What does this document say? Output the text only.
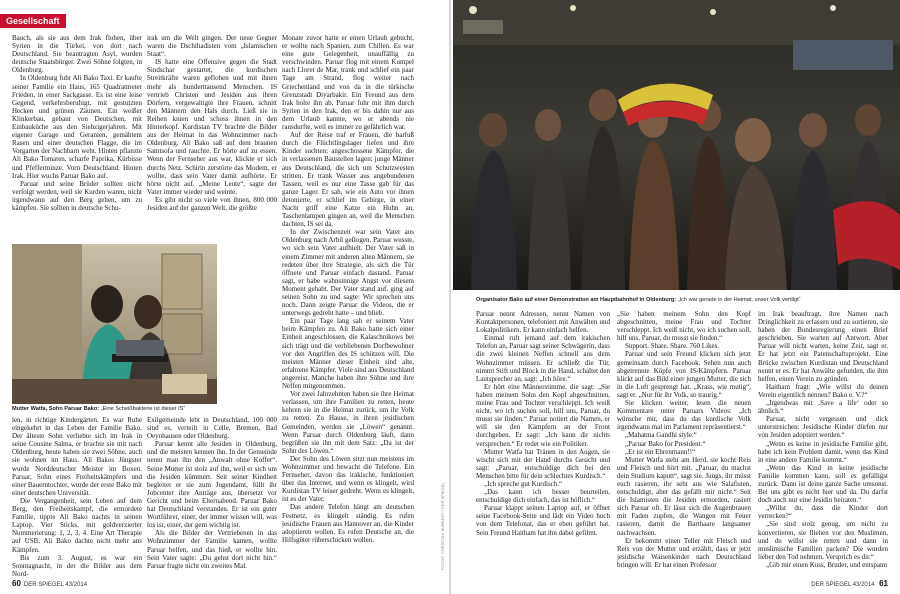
Gesellschaft

Bauch, als sie aus dem Irak flohen, über Syrien in die Türkei, von dort nach Deutschland. Sie beantragten Asyl, wurden deutsche Staatsbürger. Zwei Söhne folgten, in Oldenburg.

In Oldenburg fuhr Ali Bako Taxi. Er kaufte seiner Familie ein Haus, 165 Quadratmeter Frieden, in einer Sackgasse. Es ist eine leise Gegend, verkehrsberuhigt, mit gestutzten Hecken und grünen Zäunen. Ein weißer Klinkerbau, gebaut von Deutschen, mit Einbauküche aus den Siebzigerjahren. Mit eigener Garage und Geranien, gemähtem Rasen und einer deutschen Flagge, die im Vorgarten der Nachbarn weht. Hinten pflanzte Ali Bako Tomaten, scharfe Paprika, Kürbisse und Pfefferminze. Vorn Deutschland. Hinten Irak. Hier wuchs Paruar Bako auf.

Paruar und seine Brüder sollten nicht verfolgt werden, weil sie Kurden waren, nicht irgendwann auf den Berg gehen, um zu kämpfen. Sie sollten in deutsche Schu-

irak um die Welt gingen. Der neue Gegner waren die Dschihadisten vom „Islamischen Staat“.

IS hatte eine Offensive gegen die Stadt Sindschar gestartet, die kurdischen Streitkräfte waren geflohen und mit ihnen mehr als hunderttausend Menschen. IS vertrieb Christen und Jesiden aus ihren Dörfern, vergewaltigte ihre Frauen, schnitt den Männern den Hals durch. Ließ sie in Reihen knien und schoss ihnen in den Hinterkopf. Kurdistan TV brachte die Bilder aus der Heimat in das Wohnzimmer nach Oldenburg. Ali Bako saß auf dem braunen Samtsofa und rauchte. Er hörte auf zu essen. Wenn der Fernseher aus war, klickte er sich durchs Netz. Schirin zerstörte das Modem, er wollte, dass sein Vater damit aufhörte. Er hörte nicht auf. „Meine Leute“, sagte der Vater immer wieder und weinte.

Es gibt nicht so viele von ihnen, 800 000 Jesiden auf der ganzen Welt, die größte

Monate zuvor hatte er einen Urlaub gebucht, er wollte nach Spanien, zum Chillen. Es war eine gute Gelegenheit, unauffällig zu verschwinden. Paruar flog mit einem Kumpel nach Lloret de Mar, trank und schlief ein paar Tage am Strand, flog weiter nach Griechenland und von da in die türkische Grenzstadt Diyarbakir. Ein Freund aus dem Irak holte ihn ab, Paruar fuhr mit ihm durch Syrien in den Irak, den er bis dahin nur aus dem Urlaub kannte, wo er abends nie rausdurfte, weil es immer zu gefährlich war.

Auf der Reise traf er Frauen, die barfuß durch die Flüchtlingslager liefen und ihre Kinder suchten; angeschossene Kämpfer, die in verlassenen Baustellen lagen; junge Männer aus Deutschland, die sich um Schutzwesten stritten. Er trank Wasser aus angebundenen Tassen, weil es nur eine Tasse gab für das ganze Lager. Er sah, wie ein Auto vor ihnen detonierte, er schlief im Gebirge, in einer Nacht griff eine Katze ein Huhn an, Taschenlampen gingen an, weil die Menschen dachten, IS sei da.

In der Zwischenzeit war sein Vater aus Oldenburg nach Arbil geflogen. Paruar wusste, wo sich sein Vater aufhielt. Der Vater saß in einem Zimmer mit anderen alten Männern, sie redeten über ihre Strategie, als sich die Tür öffnete und Paruar einfach dastand. Paruar sagt, er habe wahnsinnige Angst vor diesem Moment gehabt. Der Vater stand auf, ging auf seinen Sohn zu und sagte: Wir sprechen uns noch. Dann zeigte Paruar die Videos, die er unterwegs gedreht hatte – und blieb.

Ein paar Tage lang sah er seinem Vater beim Kämpfen zu. Ali Bako hatte sich einer Einheit angeschlossen, die Kalaschnikows bei sich trägt und die verbliebenen Dorfbewohner vor den Angriffen des IS schützen will. Die meisten Männer dieser Einheit sind alte, erfahrene Kämpfer. Viele sind aus Deutschland angereist. Manche haben ihre Söhne und ihre Neffen mitgenommen.

Vor zwei Jahrzehnten haben sie ihre Heimat verlassen, um ihre Familien zu retten, heute kehren sie in die Heimat zurück, um ihr Volk zu retten. Zu Hause, in ihren jesidischen Gemeinden, werden sie „Löwen“ genannt. Wenn Paruar durch Oldenburg läuft, dann begrüßen sie ihn mit dem Satz: „Da ist der Sohn des Löwen.“

Der Sohn des Löwen sitzt nun meistens im Wohnzimmer und bewacht die Telefone. Ein Fernseher, davon das irakische, funktioniert über das Internet, und wenn es klingelt, wird Kurdistan TV leiser gedreht. Wenn es klingelt, ist es der Vater.

Das andere Telefon hängt am deutschen Festnetz, es klingelt ständig. Es rufen jesidische Frauen aus Hannover an, die Kinder adoptieren wollen. Es rufen Deutsche an, die Hilfsgüter rüberschicken wollen.

Mutter Watfa, Sohn Paruar Bako: „Eine Scheißbakterie ist dieser IS“

len, in richtige Kindergärten. Es war Ruhe eingekehrt in das Leben der Familie Bako. Der älteste Sohn verliebte sich im Irak in seine Cousine Salma, er brachte sie mit nach Oldenburg, heute haben sie zwei Söhne, auch sie wohnen im Haus. Ali Bakos Jüngster wurde Norddeutscher Meister im Boxen. Paruar, Sohn eines Freiheitskämpfers und einer Bauerntochter, wurde der erste Bako mit einer deutschen Universität.

Die Vergangenheit, sein Leben auf dem Berg, den Freiheitskampf, die ermordete Familie, tippte Ali Bako nachts in seinen Laptop. Vier Sticks, mit goldverzierter Nummerierung: 1, 2, 3, 4. Eine Art Therapie auf USB. Ali Bako dachte nicht mehr ans Kämpfen.

Bis zum 3. August, es war ein Sonntagnacht, in der die Bilder aus dem Nord-

Exilgemeinde lebt in Deutschland, 100 000 sind es, verteilt in Celle, Bremen, Bad Oeynhausen oder Oldenburg.

Paruar kennt alle Jesiden in Oldenburg, und die meisten kennen ihn. In der Gemeinde nennt man ihn den „Anwalt ohne Koffer“. Seine Mutter ist stolz auf ihn, weil er sich um die Jesiden kümmert. Seit seiner Kindheit begleitet er sie zum Jugendamt, füllt ihr Jobcenter ihre Anträge aus, übersetzt vor Gericht und beim Elternabend. Paruar Bako hat Deutschland verstanden. Er ist ein guter Wortführer, einer, der immer wissen will, was los ist, einer, der gern wichtig ist.

Als die Bilder der Vertriebenen in das Wohnzimmer der Familie kamen, wollte Paruar helfen, und das hieß, er wollte hin. Sein Vater sagte: „Du gehst dort nicht hin.“ Paruar fragte nicht ein zweites Mal.	FOTOS: CHRISTIAN BURKERT / DER SPIEGEL
60 DER SPIEGEL 43/2014
Organisator Bako auf einer Demonstration am Hauptbahnhof in Oldenburg: „Ich war gerade in der Heimat, unser Volk vertilgt“

Paruar nennt Adressen, nennt Namen von Kontaktpersonen, telefoniert mit Anwälten und Lokalpolitikern. Er kann einfach helfen.

Einmal ruft jemand auf dem irakischen Telefon an, Paruar sagt seiner Schwägerin, dass die zwei kleinen Neffen schnell aus dem Wohnzimmer müssen. Er schließt die Tür, nimmt Stift und Block in die Hand, schaltet den Lautsprecher an, sagt: „Ich höre.“

Er hört eine Männerstimme, die sagt: „Sie haben meinem Sohn den Kopf abgeschnitten, meine Frau und Tochter verschleppt. Ich weiß nicht, wo ich suchen soll, hilf uns, Paruar, du musst sie finden.“ Paruar notiert die Namen, er will sie den Kämpfern an der Front durchgeben. Er sagt: „Ich kann dir nichts versprechen.“ Er redet wie ein Politiker.

Mutter Watfa hat Tränen in den Augen, sie wischt sich mit der Hand durchs Gesicht und sagt: „Paruar, entschuldige dich bei den Menschen bitte für dein schlechtes Kurdisch.“

„Ich spreche gut Kurdisch.“

„Das kann ich besser beurteilen, entschuldige dich einfach, das ist höflich.“

Paruar klappt seinen Laptop auf, er öffnet seine Facebook-Seite und lädt ein Video hoch von dem Telefonat, das er eben geführt hat. Sein Freund Haitham hat ihn dabei gefilmt.

„Sie haben meinem Sohn den Kopf abgeschnitten, meine Frau und Tochter verschleppt. Ich weiß nicht, wo ich suchen soll, hilf uns, Paruar, du musst sie finden.“

Support. Share. Share. 760 Likes.

Paruar und sein Freund klicken sich jetzt gemeinsam durch Facebook. Sehen nun auch abgetrennte Köpfe von IS-Kämpfern. Paruar klickt auf das Bild einer jungen Mutter, die sich in die Luft gesprengt hat. „Krass, wie mutig“, sagt er. „Nur für ihr Volk, so traurig.“

Sie klicken weiter, lesen die neuen Kommentare unter Paruars Videos: „Ich wünsche mir, dass du das kurdische Volk irgendwann mal im Parlament repräsentierst.“

„Mahatma Gandhi style.“

„Paruar Bako for President.“

„Er ist ein Ehrenmann!!“

Mutter Watfa steht am Herd, sie kocht Reis und Fleisch und hört mit. „Paruar, du machst dein Studium kaputt“, sagt sie. Jungs, ihr müsst euch rasieren, ihr seht aus wie Salafisten, entschuldigt, aber das gefällt mir nicht.“ Seit die Islamisten die Jesiden ermorden, rasiert sich Paruar oft. Er lässt sich die Augenbrauen mit Faden zupfen, die Wangen mit Feuer rasieren, damit die Barthaare langsamer nachwachsen.

Er bekommt einen Teller mit Fleisch und Reis von der Mutter und erzählt, dass er jetzt jesidische Waisenkinder nach Deutschland bringen will. Er hat einen Professor

im Irak beauftragt, ihre Namen nach Dringlichkeit zu erfassen und zu sortieren, sie haben der Bundesregierung einen Brief geschrieben. Sie warten auf Antwort. Aber Paruar will nicht warten, keine Zeit, sagt er. Er hat jetzt ein Patenschaftsprojekt. Eine Brücke zwischen Kurdistan und Deutschland nennt er es. Er hat Anwälte gefunden, die ihm helfen, einen Verein zu gründen.

Haitham fragt: „Wie willst du deinen Verein eigentlich nennen? Bako e. V.?“

„Irgendwas mit ‚Save a life‘ oder so ähnlich.“

Paruar, nicht vergessen und dick unterstreichen: Jesidische Kinder dürfen nur von Jesiden adoptiert werden.“

„Wenn es keine in jesidische Familie gibt, habe ich kein Problem damit, wenn das Kind in eine andere Familie kommt.“

„Wenn das Kind in keine jesidische Familie kommen kann, soll es gefälligst zurück. Dann ist deine ganze Sache umsonst. Bei uns gibt es nicht hier und da. Du darfst doch auch nur eine Jesidin heiraten.“

„Willst du, dass die Kinder dort verrecken?“

„Sie sind stolz genug, um nicht zu konvertieren, sie fliehen vor den Muslimen, und du willst sie retten und dann in muslimische Familien packen? Die wurden lieber den Tod nehmen. Versprich es dir.“

„Gib mir einen Kuss, Bruder, und entspann

DER SPIEGEL 43/2014 61
